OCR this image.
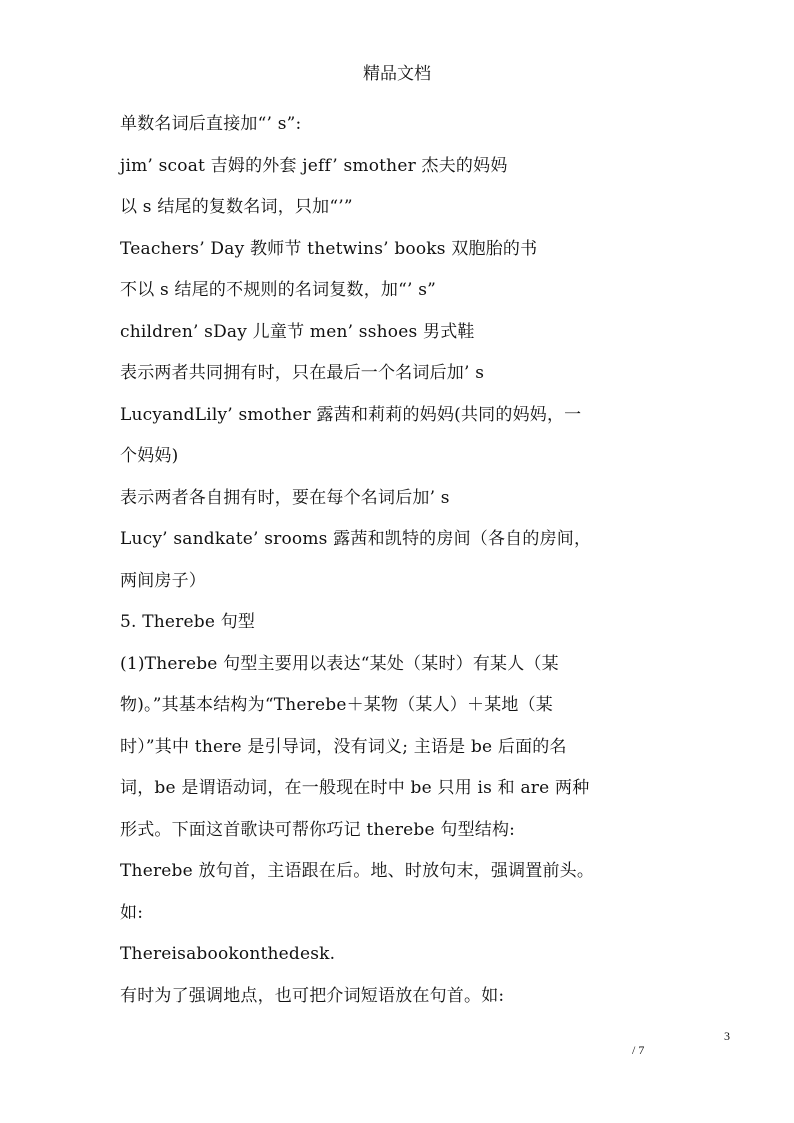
精品文档
单数名词后直接加“’ s”:
jim’ scoat 吉姆的外套 jeff’ smother 杰夫的妈妈
以 s 结尾的复数名词，只加“’”
Teachers’ Day 教师节 thetwins’ books 双胞胎的书
不以 s 结尾的不规则的名词复数，加“’ s”
children’ sDay 儿童节 men’ sshoes 男式鞋
表示两者共同拥有时，只在最后一个名词后加’ s
LucyandLily’ smother 露茜和莉莉的妈妈(共同的妈妈，一
个妈妈)
表示两者各自拥有时，要在每个名词后加’ s
Lucy’ sandkate’ srooms 露茜和凯特的房间（各自的房间，
两间房子）
5. Therebe 句型
(1)Therebe 句型主要用以表达“某处（某时）有某人（某
物)。”其基本结构为“Therebe＋某物（某人）＋某地（某
时）”其中 there 是引导词，没有词义; 主语是 be 后面的名
词，be 是谓语动词，在一般现在时中 be 只用 is 和 are 两种
形式。下面这首歌诀可帮你巧记 therebe 句型结构:
Therebe 放句首，主语跟在后。地、时放句末，强调置前头。
如:
Thereisabookonthedesk.
有时为了强调地点，也可把介词短语放在句首。如:
3
/ 7
